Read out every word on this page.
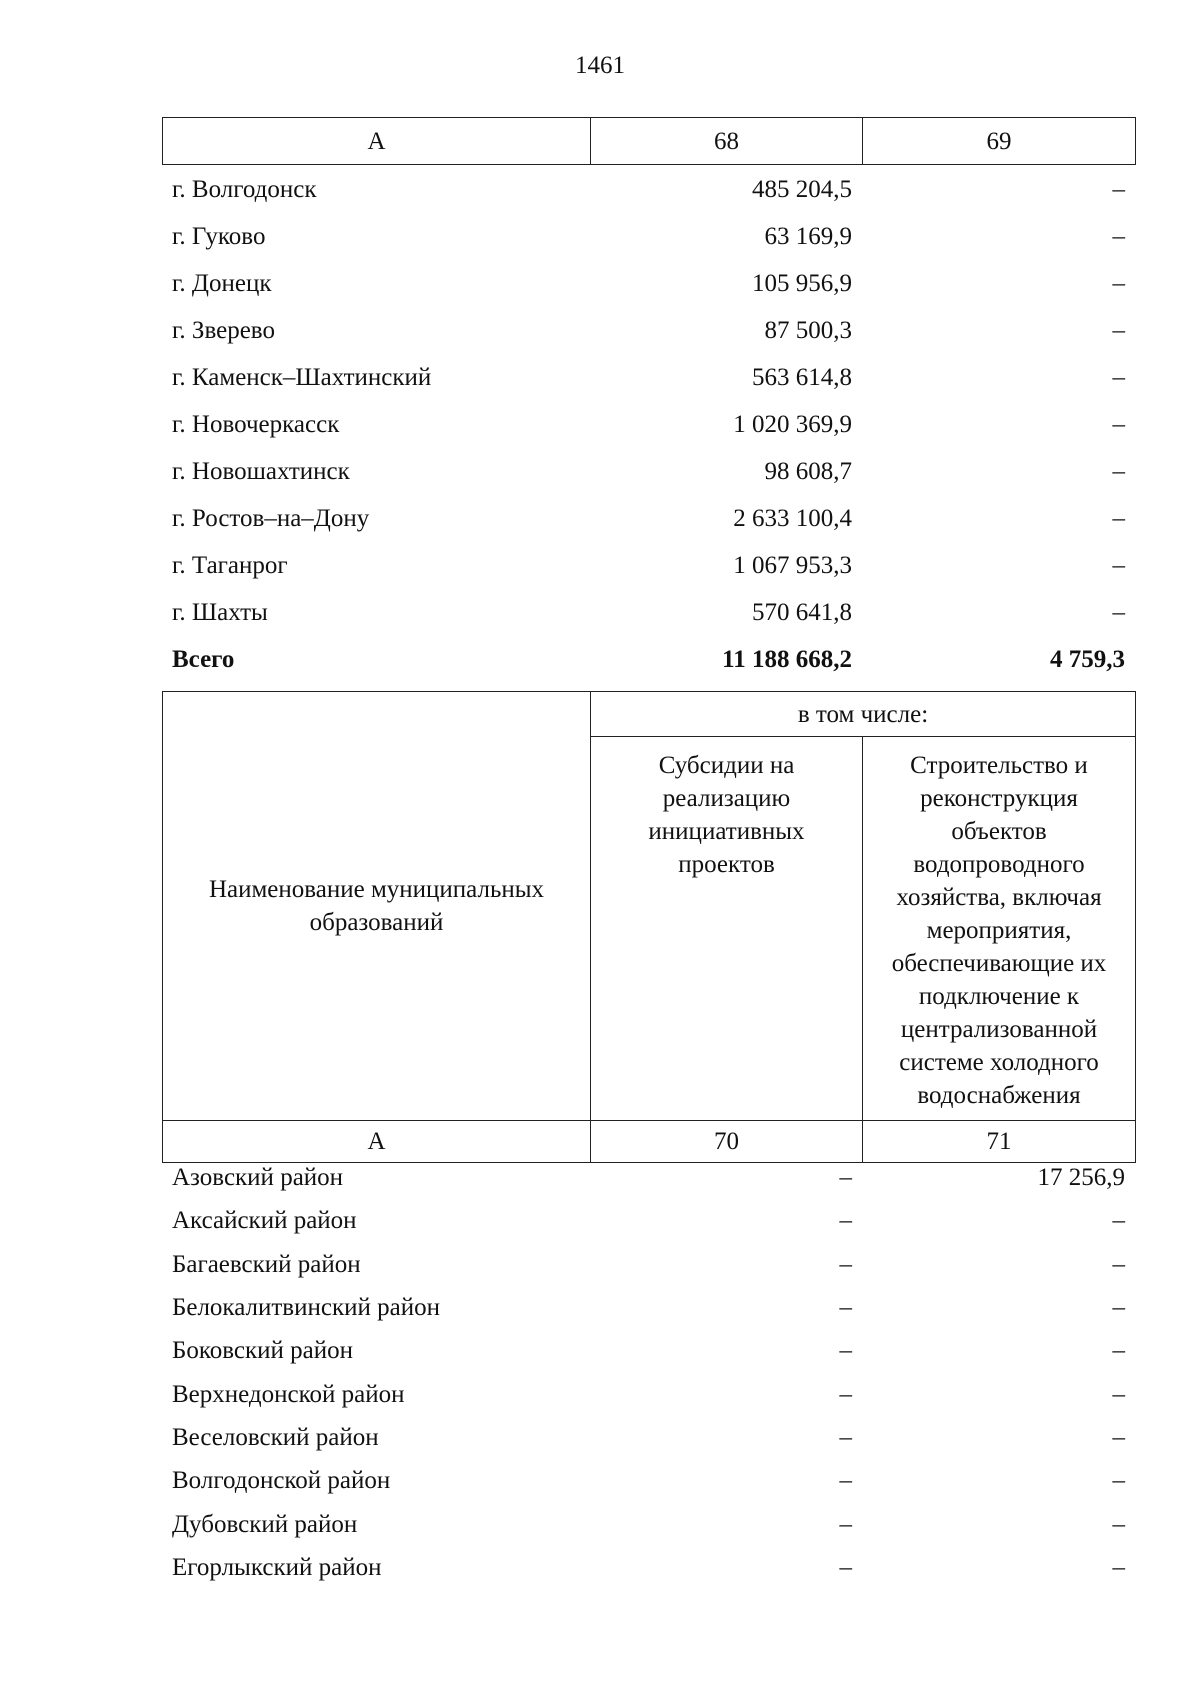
1461
А	68	69
г. Волгодонск	485 204,5	–
г. Гуково	63 169,9	–
г. Донецк	105 956,9	–
г. Зверево	87 500,3	–
г. Каменск–Шахтинский	563 614,8	–
г. Новочеркасск	1 020 369,9	–
г. Новошахтинск	98 608,7	–
г. Ростов–на–Дону	2 633 100,4	–
г. Таганрог	1 067 953,3	–
г. Шахты	570 641,8	–
Всего	11 188 668,2	4 759,3
Наименование муниципальных образований	в том числе:	
	Субсидии на реализацию инициативных проектов	Строительство и реконструкция объектов водопроводного хозяйства, включая мероприятия, обеспечивающие их подключение к централизованной системе холодного водоснабжения
А	70	71
Азовский район	–	17 256,9
Аксайский район	–	–
Багаевский район	–	–
Белокалитвинский район	–	–
Боковский район	–	–
Верхнедонской район	–	–
Веселовский район	–	–
Волгодонской район	–	–
Дубовский район	–	–
Егорлыкский район	–	–
